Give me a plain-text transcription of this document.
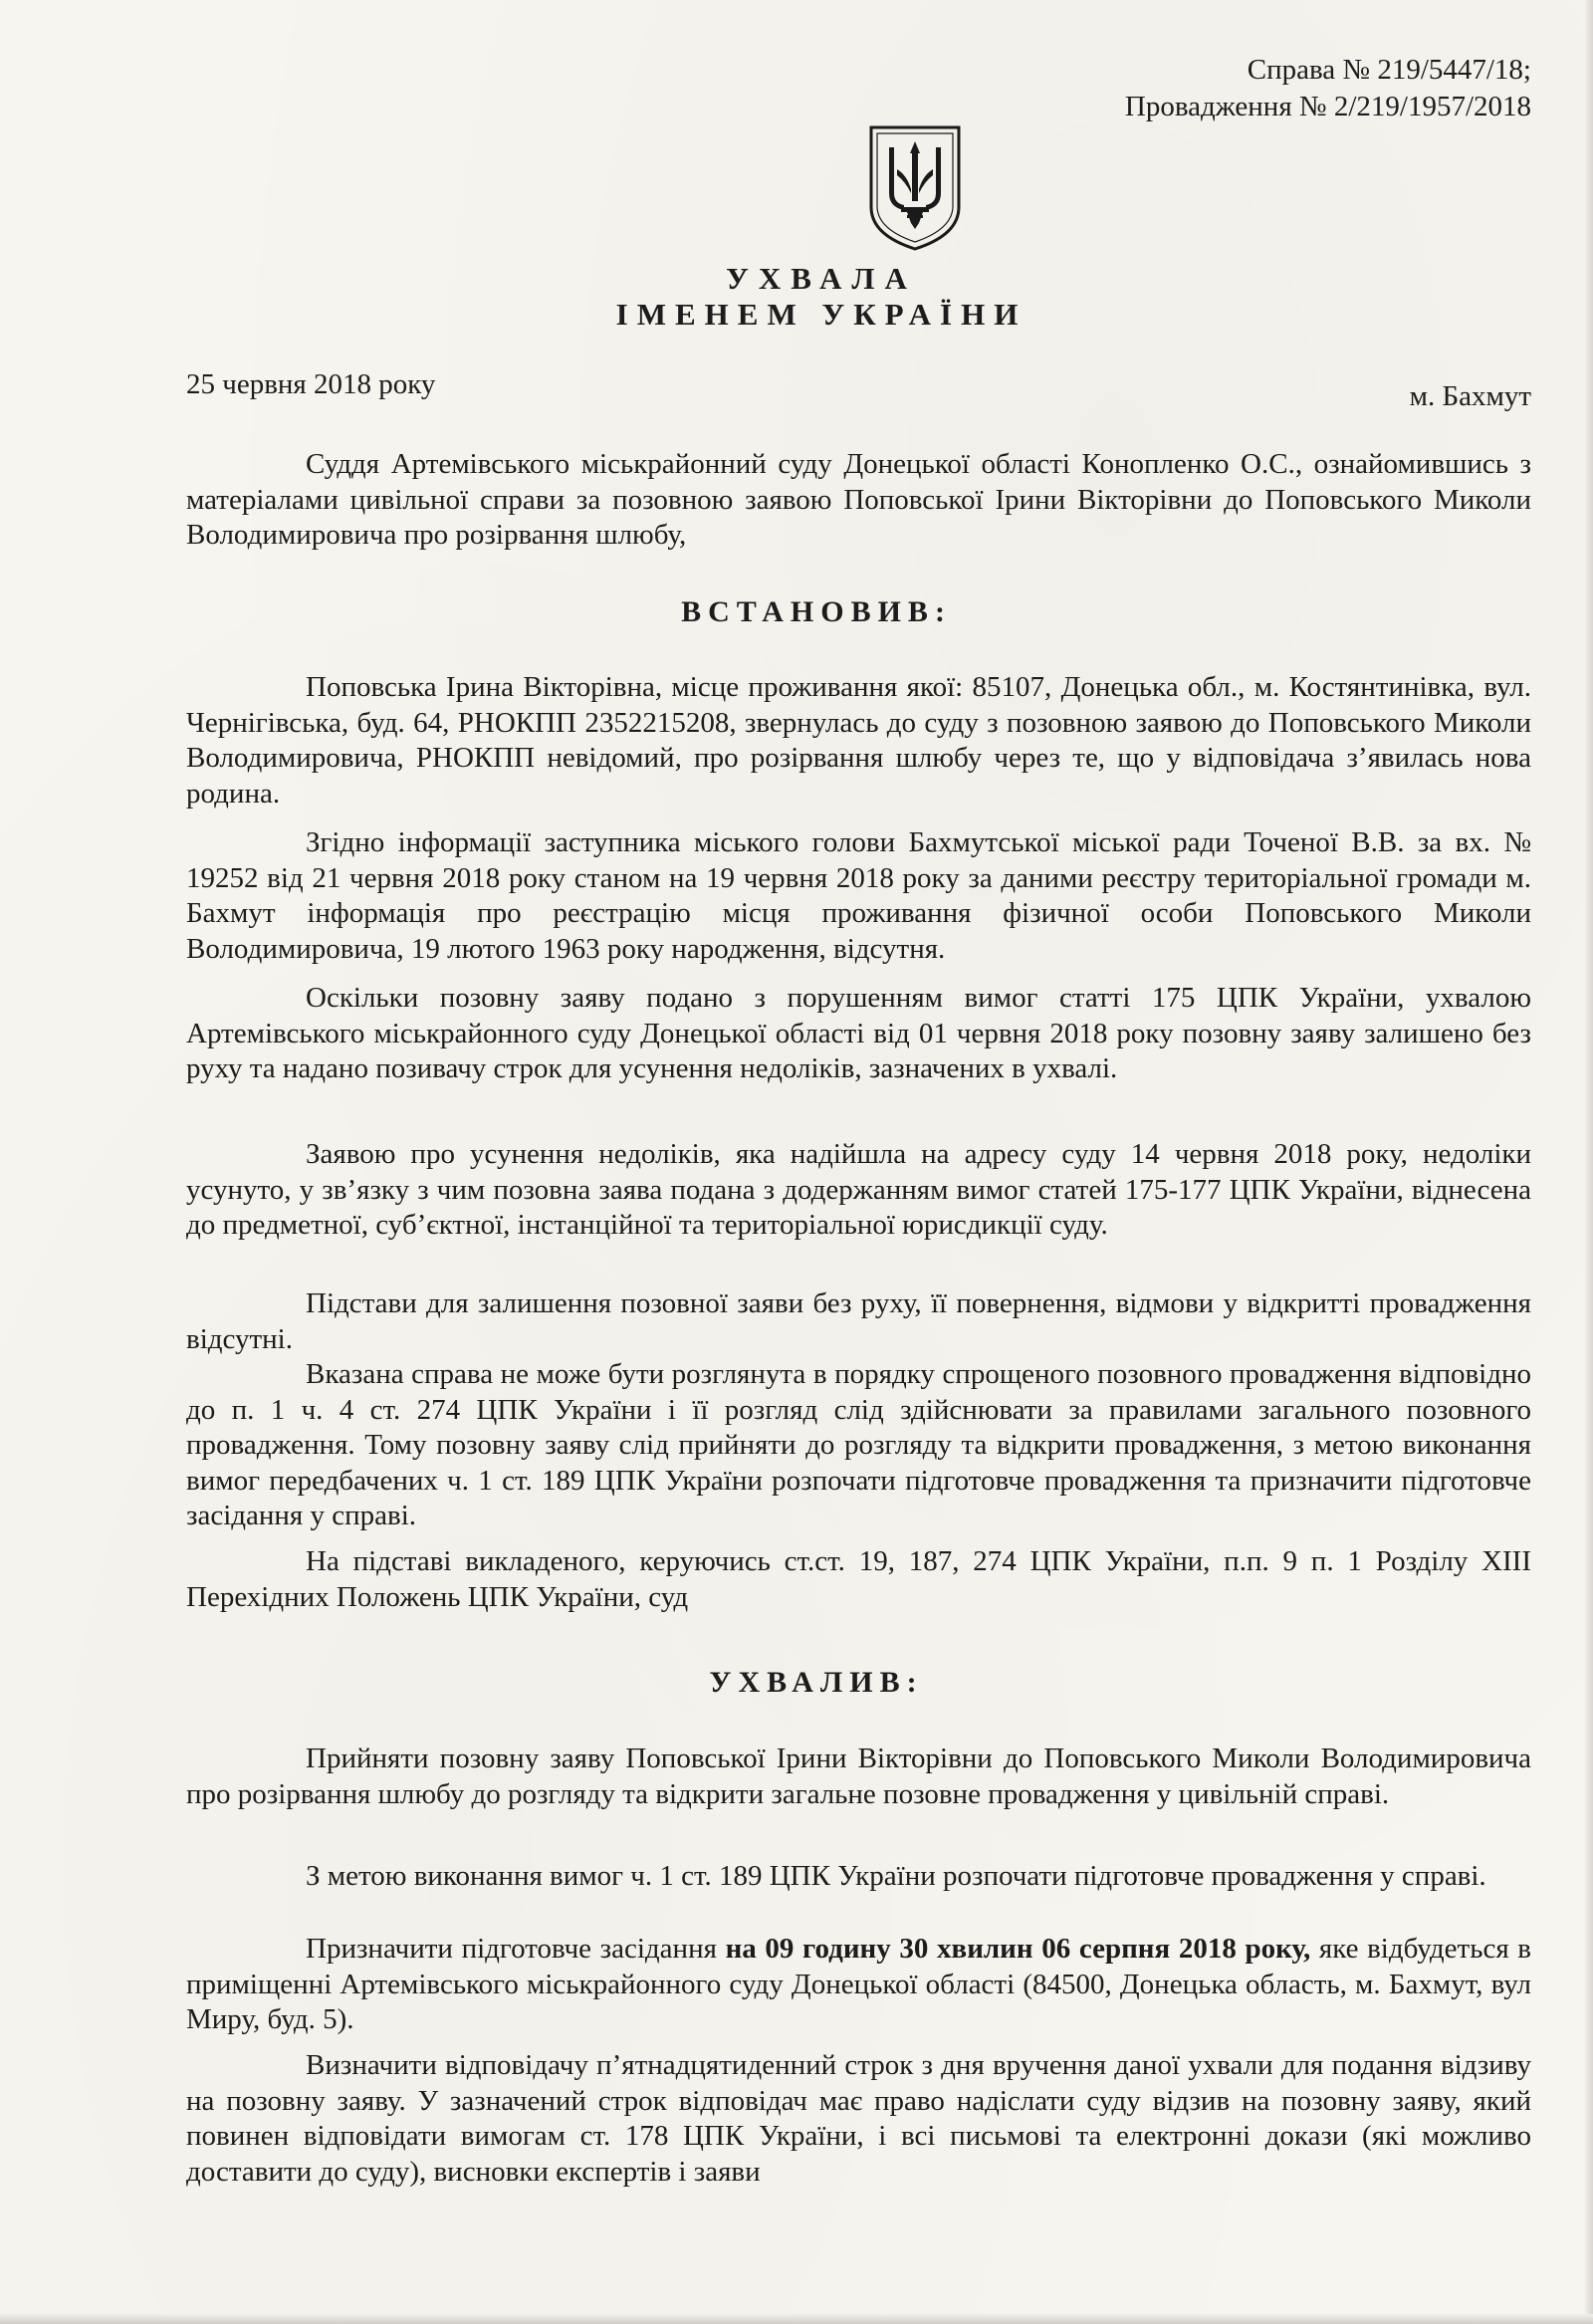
Справа № 219/5447/18;
Провадження № 2/219/1957/2018
УХВАЛА
ІМЕНЕМ УКРАЇНИ
25 червня 2018 року	м. Бахмут

Суддя Артемівського міськрайонний суду Донецької області Конопленко О.С., ознайомившись з матеріалами цивільної справи за позовною заявою Поповської Ірини Вікторівни до Поповського Миколи Володимировича про розірвання шлюбу,

ВСТАНОВИВ:

Поповська Ірина Вікторівна, місце проживання якої: 85107, Донецька обл., м. Костянтинівка, вул. Чернігівська, буд. 64, РНОКПП 2352215208, звернулась до суду з позовною заявою до Поповського Миколи Володимировича, РНОКПП невідомий, про розірвання шлюбу через те, що у відповідача з’явилась нова родина.

Згідно інформації заступника міського голови Бахмутської міської ради Точеної В.В. за вх. № 19252 від 21 червня 2018 року станом на 19 червня 2018 року за даними реєстру територіальної громади м. Бахмут інформація про реєстрацію місця проживання фізичної особи Поповського Миколи Володимировича, 19 лютого 1963 року народження, відсутня.

Оскільки позовну заяву подано з порушенням вимог статті 175 ЦПК України, ухвалою Артемівського міськрайонного суду Донецької області від 01 червня 2018 року позовну заяву залишено без руху та надано позивачу строк для усунення недоліків, зазначених в ухвалі.

Заявою про усунення недоліків, яка надійшла на адресу суду 14 червня 2018 року, недоліки усунуто, у зв’язку з чим позовна заява подана з додержанням вимог статей 175-177 ЦПК України, віднесена до предметної, суб’єктної, інстанційної та територіальної юрисдикції суду.

Підстави для залишення позовної заяви без руху, її повернення, відмови у відкритті провадження відсутні.

Вказана справа не може бути розглянута в порядку спрощеного позовного провадження відповідно до п. 1 ч. 4 ст. 274 ЦПК України і її розгляд слід здійснювати за правилами загального позовного провадження. Тому позовну заяву слід прийняти до розгляду та відкрити провадження, з метою виконання вимог передбачених ч. 1 ст. 189 ЦПК України розпочати підготовче провадження та призначити підготовче засідання у справі.

На підставі викладеного, керуючись ст.ст. 19, 187, 274 ЦПК України, п.п. 9 п. 1 Розділу XIII Перехідних Положень ЦПК України, суд

УХВАЛИВ:

Прийняти позовну заяву Поповської Ірини Вікторівни до Поповського Миколи Володимировича про розірвання шлюбу до розгляду та відкрити загальне позовне провадження у цивільній справі.

З метою виконання вимог ч. 1 ст. 189 ЦПК України розпочати підготовче провадження у справі.

Призначити підготовче засідання на 09 годину 30 хвилин 06 серпня 2018 року, яке відбудеться в приміщенні Артемівського міськрайонного суду Донецької області (84500, Донецька область, м. Бахмут, вул Миру, буд. 5).

Визначити відповідачу п’ятнадцятиденний строк з дня вручення даної ухвали для подання відзиву на позовну заяву. У зазначений строк відповідач має право надіслати суду відзив на позовну заяву, який повинен відповідати вимогам ст. 178 ЦПК України, і всі письмові та електронні докази (які можливо доставити до суду), висновки експертів і заяви
